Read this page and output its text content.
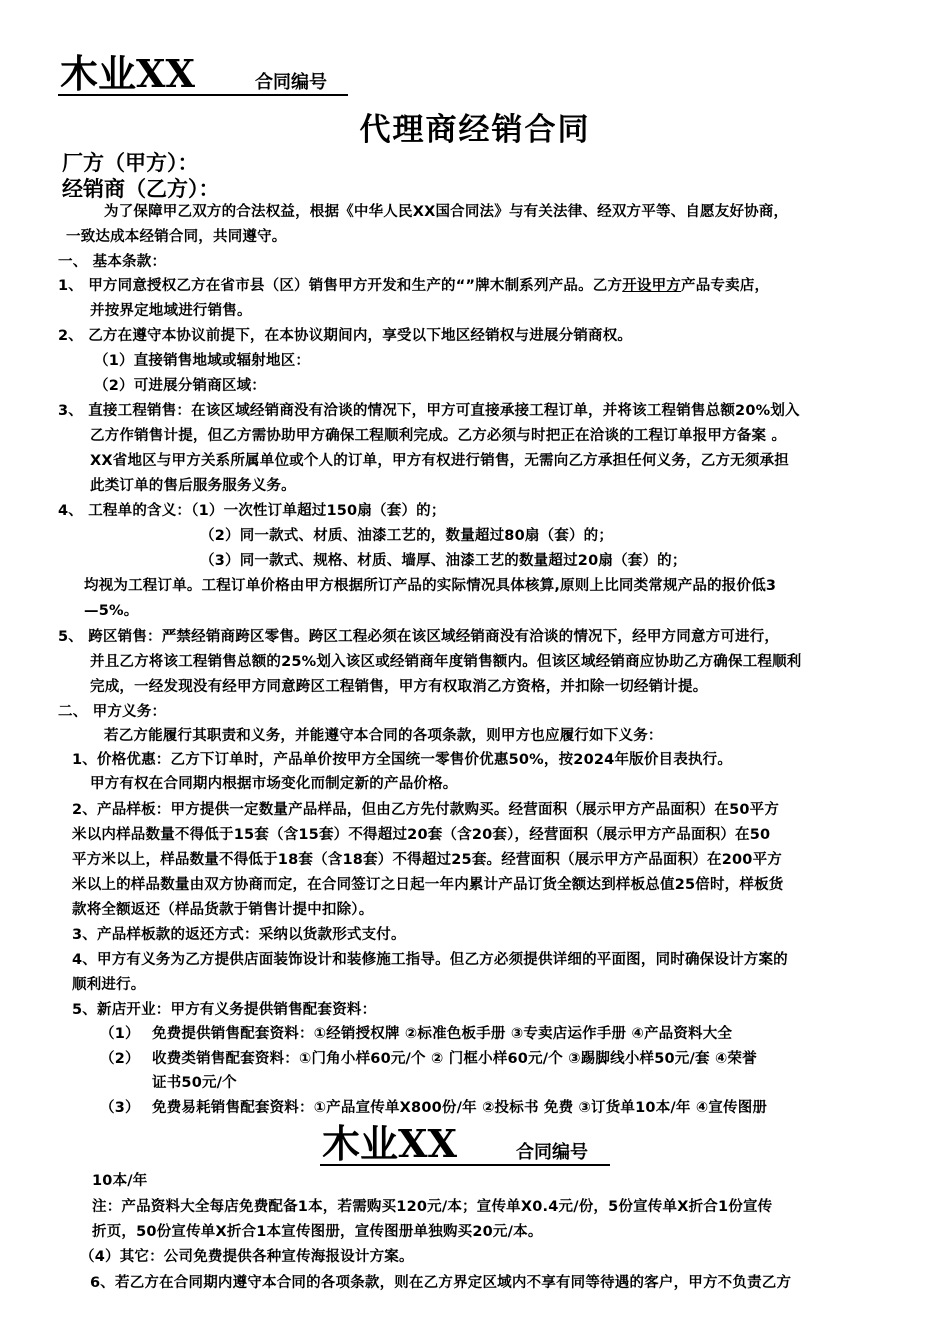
木业XX	合同编号
代理商经销合同
厂方（甲方）：
经销商（乙方）：
为了保障甲乙双方的合法权益，根据《中华人民XX国合同法》与有关法律、经双方平等、自愿友好协商，
一致达成本经销合同，共同遵守。
一、 基本条款：
1、 甲方同意授权乙方在省市县（区）销售甲方开发和生产的“”牌木制系列产品。乙方开设甲方产品专卖店，
并按界定地域进行销售。
2、 乙方在遵守本协议前提下，在本协议期间内，享受以下地区经销权与进展分销商权。
（1）直接销售地域或辐射地区：
（2）可进展分销商区域：
3、 直接工程销售：在该区域经销商没有洽谈的情况下，甲方可直接承接工程订单，并将该工程销售总额20%划入
乙方作销售计提，但乙方需协助甲方确保工程顺利完成。乙方必须与时把正在洽谈的工程订单报甲方备案 。
XX省地区与甲方关系所属单位或个人的订单，甲方有权进行销售，无需向乙方承担任何义务，乙方无须承担
此类订单的售后服务服务义务。
4、 工程单的含义：（1）一次性订单超过150扇（套）的；
（2）同一款式、材质、油漆工艺的，数量超过80扇（套）的；
（3）同一款式、规格、材质、墙厚、油漆工艺的数量超过20扇（套）的；
均视为工程订单。工程订单价格由甲方根据所订产品的实际情况具体核算,原则上比同类常规产品的报价低3
—5%。
5、 跨区销售：严禁经销商跨区零售。跨区工程必须在该区域经销商没有洽谈的情况下，经甲方同意方可进行，
并且乙方将该工程销售总额的25%划入该区或经销商年度销售额内。但该区域经销商应协助乙方确保工程顺利
完成，一经发现没有经甲方同意跨区工程销售，甲方有权取消乙方资格，并扣除一切经销计提。
二、 甲方义务：
若乙方能履行其职责和义务，并能遵守本合同的各项条款，则甲方也应履行如下义务：
1、价格优惠：乙方下订单时，产品单价按甲方全国统一零售价优惠50%，按2024年版价目表执行。
甲方有权在合同期内根据市场变化而制定新的产品价格。
2、产品样板：甲方提供一定数量产品样品，但由乙方先付款购买。经营面积（展示甲方产品面积）在50平方
米以内样品数量不得低于15套（含15套）不得超过20套（含20套），经营面积（展示甲方产品面积）在50
平方米以上，样品数量不得低于18套（含18套）不得超过25套。经营面积（展示甲方产品面积）在200平方
米以上的样品数量由双方协商而定，在合同签订之日起一年内累计产品订货全额达到样板总值25倍时，样板货
款将全额返还（样品货款于销售计提中扣除）。
3、产品样板款的返还方式：采纳以货款形式支付。
4、甲方有义务为乙方提供店面装饰设计和装修施工指导。但乙方必须提供详细的平面图，同时确保设计方案的
顺利进行。
5、新店开业：甲方有义务提供销售配套资料：
（1） 免费提供销售配套资料：①经销授权牌 ②标准色板手册 ③专卖店运作手册 ④产品资料大全
（2） 收费类销售配套资料：①门角小样60元/个 ② 门框小样60元/个 ③踢脚线小样50元/套 ④荣誉
证书50元/个
（3） 免费易耗销售配套资料：①产品宣传单X800份/年 ②投标书 免费 ③订货单10本/年 ④宣传图册
木业XX	合同编号
10本/年
注：产品资料大全每店免费配备1本，若需购买120元/本；宣传单X0.4元/份，5份宣传单X折合1份宣传
折页，50份宣传单X折合1本宣传图册，宣传图册单独购买20元/本。
（4）其它：公司免费提供各种宣传海报设计方案。
6、若乙方在合同期内遵守本合同的各项条款，则在乙方界定区域内不享有同等待遇的客户，甲方不负责乙方
